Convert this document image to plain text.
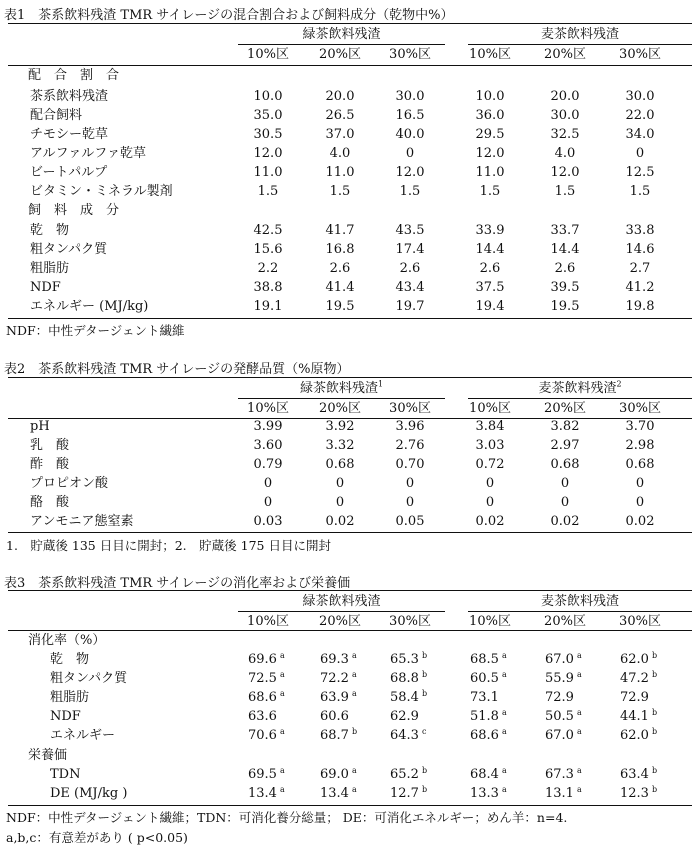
表1　茶系飲料残渣 TMR サイレージの混合割合および飼料成分（乾物中%）
緑茶飲料残渣	麦茶飲料残渣
10%区	20%区	30%区	10%区	20%区	30%区
配　合　割　合
飼　料　成　分
茶系飲料残渣	10.0	20.0	30.0	10.0	20.0	30.0
配合飼料	35.0	26.5	16.5	36.0	30.0	22.0
チモシー乾草	30.5	37.0	40.0	29.5	32.5	34.0
アルファルファ乾草	12.0	4.0	0	12.0	4.0	0
ビートパルプ	11.0	11.0	12.0	11.0	12.0	12.5
ビタミン・ミネラル製剤	1.5	1.5	1.5	1.5	1.5	1.5
乾　物	42.5	41.7	43.5	33.9	33.7	33.8
粗タンパク質	15.6	16.8	17.4	14.4	14.4	14.6
粗脂肪	2.2	2.6	2.6	2.6	2.6	2.7
NDF	38.8	41.4	43.4	37.5	39.5	41.2
エネルギー (MJ/kg)	19.1	19.5	19.7	19.4	19.5	19.8
NDF：中性デタージェント繊維
表2　茶系飲料残渣 TMR サイレージの発酵品質（%原物）
緑茶飲料残渣$^1$	麦茶飲料残渣$^2$
10%区	20%区	30%区	10%区	20%区	30%区
pH	3.99	3.92	3.96	3.84	3.82	3.70
乳　酸	3.60	3.32	2.76	3.03	2.97	2.98
酢　酸	0.79	0.68	0.70	0.72	0.68	0.68
プロピオン酸	0	0	0	0	0	0
酪　酸	0	0	0	0	0	0
アンモニア態窒素	0.03	0.02	0.05	0.02	0.02	0.02
1.　貯蔵後 135 日目に開封；2.　貯蔵後 175 日目に開封
表3　茶系飲料残渣 TMR サイレージの消化率および栄養価
緑茶飲料残渣	麦茶飲料残渣
10%区	20%区	30%区	10%区	20%区	30%区
消化率（%）
栄養価
乾　物	69.6 $^a$	69.3 $^a$	65.3 $^b$	68.5 $^a$	67.0 $^a$	62.0 $^b$
粗タンパク質	72.5 $^a$	72.2 $^a$	68.8 $^b$	60.5 $^a$	55.9 $^a$	47.2 $^b$
粗脂肪	68.6 $^a$	63.9 $^a$	58.4 $^b$	73.1	72.9	72.9
NDF	63.6	60.6	62.9	51.8 $^a$	50.5 $^a$	44.1 $^b$
エネルギー	70.6 $^a$	68.7 $^b$	64.3 $^c$	68.6 $^a$	67.0 $^a$	62.0 $^b$
TDN	69.5 $^a$	69.0 $^a$	65.2 $^b$	68.4 $^a$	67.3 $^a$	63.4 $^b$
DE (MJ/kg )	13.4 $^a$	13.4 $^a$	12.7 $^b$	13.3 $^a$	13.1 $^a$	12.3 $^b$
NDF：中性デタージェント繊維；TDN：可消化養分総量； DE：可消化エネルギー；めん羊：n=4.
a,b,c：有意差があり ( p<0.05)
